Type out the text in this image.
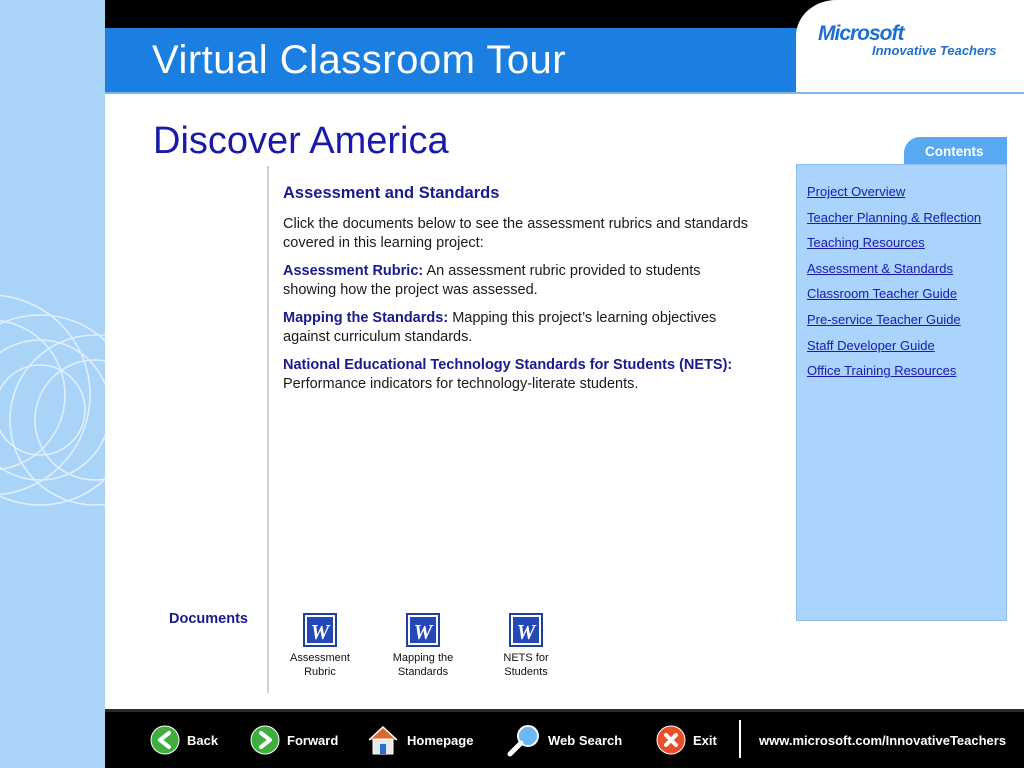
Virtual Classroom Tour
Microsoft
Innovative Teachers
Discover America
Assessment and Standards

Click the documents below to see the assessment rubrics and standards covered in this learning project:

Assessment Rubric: An assessment rubric provided to students showing how the project was assessed.

Mapping the Standards: Mapping this project’s learning objectives against curriculum standards.

National Educational Technology Standards for Students (NETS): Performance indicators for technology-literate students.

Contents
Project Overview
Teacher Planning & Reflection
Teaching Resources
Assessment & Standards
Classroom Teacher Guide
Pre-service Teacher Guide
Staff Developer Guide
Office Training Resources
Documents
W
Assessment
Rubric
W
Mapping the
Standards
W
NETS for
Students
Back	Forward	Homepage	Web Search	Exit	www.microsoft.com/InnovativeTeachers
